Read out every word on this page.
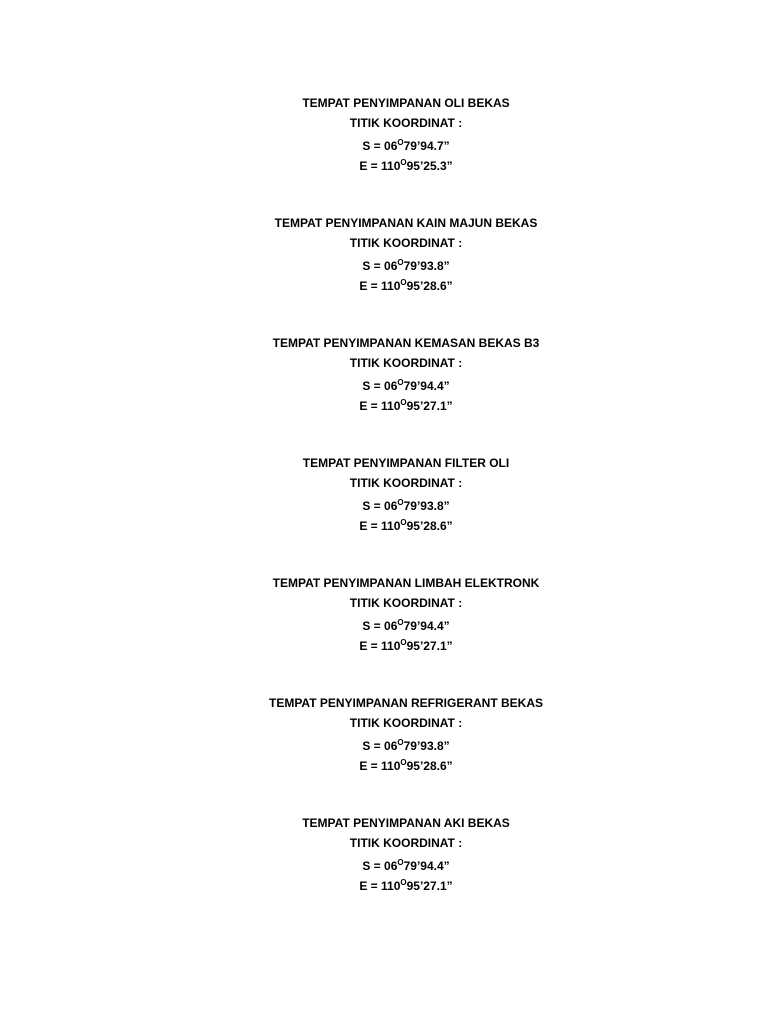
TEMPAT PENYIMPANAN OLI BEKAS
TITIK KOORDINAT :
$S = 06^O79’94.7$”
$E = 110^O95’25.3$”
TEMPAT PENYIMPANAN KAIN MAJUN BEKAS
TITIK KOORDINAT :
$S = 06^O79’93.8$”
$E = 110^O95’28.6$”
TEMPAT PENYIMPANAN KEMASAN BEKAS B3
TITIK KOORDINAT :
$S = 06^O79’94.4$”
$E = 110^O95’27.1$”
TEMPAT PENYIMPANAN FILTER OLI
TITIK KOORDINAT :
$S = 06^O79’93.8$”
$E = 110^O95’28.6$”
TEMPAT PENYIMPANAN LIMBAH ELEKTRONK
TITIK KOORDINAT :
$S = 06^O79’94.4$”
$E = 110^O95’27.1$”
TEMPAT PENYIMPANAN REFRIGERANT BEKAS
TITIK KOORDINAT :
$S = 06^O79’93.8$”
$E = 110^O95’28.6$”
TEMPAT PENYIMPANAN AKI BEKAS
TITIK KOORDINAT :
$S = 06^O79’94.4$”
$E = 110^O95’27.1$”
